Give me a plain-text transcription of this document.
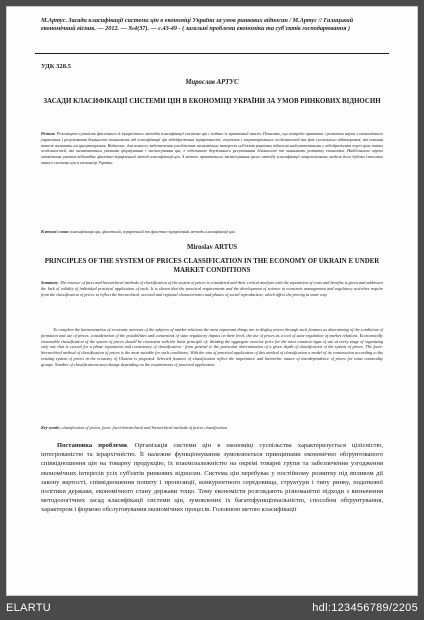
М.Артус. Засади класифікації системи цін в економіці України за умов ринкових відносин / М.Артус // Галицький економічний вісник. — 2012. — №4(37). — с.43-49 - ( загальні проблеми економіки та суб'єктів господарювання )
УДК 328.5
Мирослав АРТУС
ЗАСАДИ КЛАСИФІКАЦІЇ СИСТЕМИ ЦІН В ЕКОНОМІЦІ УКРАЇНИ ЗА УМОВ РИНКОВИХ ВІДНОСИН
Резюме. Розглянуто сутність фасетного й ієрархічного методів класифікації системи цін і подано їх критичний аналіз. Показано, що потреби практики і розвиток науки з економічного управління і регулювання діяльності вимагають від класифікації цін відображення ієрархічності, галузевих і територіальних особливостей та фаз суспільного відтворення, які повинні також впливати на ціноутворення. Водночас, для повного забезпечення узгодження економічних інтересів суб'єктів ринкових відносин найсуттєвішими є відображення через ціни таких особливостей, які визначаються умовами формування і застосування цін, є підставою державного регулювання діяльності та чинниками розвитку економіки. Найбільшою мірою зазначеним умовам відповідає фасетно-ієрархічний метод класифікації цін. З метою практичного застосування цього методу класифікації запропоновано модель його будови стосовно чинної системи цін в економіці України.
Ключові слова: класифікація цін, фасетний, ієрархічний та фасетно-ієрархічний методи класифікації цін.
Miroslav ARTUS
PRINCIPLES OF THE SYSTEM OF PRICES CLASSIFICATION IN THE ECONOMY OF UKRAIN E UNDER MARKET CONDITIONS
Summary. The essence of facet and hierarchical methods of classification of the system of prices is considered and their critical analysis with the separation of costs and benefits is given and addresses the lack of validity of individual practical application of each. It is shown that the practical requirements and the development of science in economic management and regulatory activities require from the classification of prices to reflect the hierarchical, sectoral and regional characteristics and phases of social reproduction, which affect the pricing in some way.
To complete the harmonization of economic interests of the subjects of market relations the most important things are to display prices through such features as determining of the conditions of formation and use of prices, consideration of the possibilities and constraints of state regulatory impact on their level, the use of prices as a tool of state regulation of market relations. Economically reasonable classification of the system of prices should be consistent with the basic principle of: dividing the aggregate exercise price for the most common signs of use at every stage of organizing only one that is crucial for a phase separation and consistency of classification - from general to the particular determination of a given depth of classification of the system of prices. The facet-hierarchical method of classification of prices is the most suitable for such conditions. With the aim of practical application of this method of classification a model of its construction according to the existing system of prices in the economy of Ukraine is proposed. Selected features of classification reflect the importance and hierarchic nature of interdependence of prices for some commodity groups. Number of classifications may change depending on the requirements of practical application.
Key words: classification of prices, facet, facet-hierarchical and hierarchical methods of prices classification.
Постановка проблеми. Організація системи цін в економіці суспільства характеризується цілісністю, інтегрованістю та ієрархічністю. Її належне функціонування зумовлюється принципами економічно обґрунтованого співвідношення цін на товарну продукцію, їх взаємозалежністю на окремі товарні групи та забезпечення узгодження економічних інтересів усіх суб'єктів ринкових відносин. Система цін перебуває у постійному розвитку під впливом дії закону вартості, співвідношення попиту і пропозиції, конкурентного середовища, структури і типу ринку, податкової політики держави, економічного стану держави тощо. Тому економісти розглядають різноманітні підходи з визначення методологічних засад класифікації системи цін, зумовлених їх багатофункціональністю, способом обґрунтування, характером і формою обслуговування економічних процесів. Головною метою класифікації
ELARTU	hdl:123456789/2205
